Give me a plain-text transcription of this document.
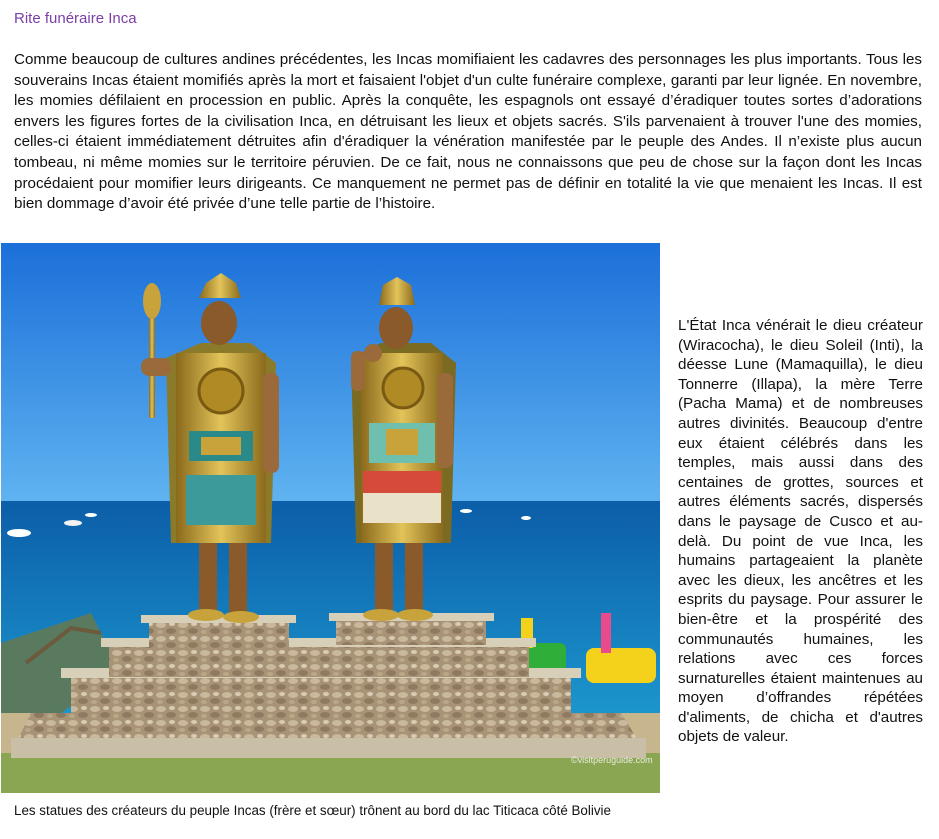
Rite funéraire Inca

Comme beaucoup de cultures andines précédentes, les Incas momifiaient les cadavres des personnages les plus importants. Tous les souverains Incas étaient momifiés après la mort et faisaient l'objet d'un culte funéraire complexe, garanti par leur lignée. En novembre, les momies défilaient en procession en public. Après la conquête, les espagnols ont essayé d’éradiquer toutes sortes d’adorations envers les figures fortes de la civilisation Inca, en détruisant les lieux et objets sacrés. S'ils parvenaient à trouver l'une des momies, celles-ci étaient immédiatement détruites afin d'éradiquer la vénération manifestée par le peuple des Andes. Il n’existe plus aucun tombeau, ni même momies sur le territoire péruvien. De ce fait, nous ne connaissons que peu de chose sur la façon dont les Incas procédaient pour momifier leurs dirigeants. Ce manquement ne permet pas de définir en totalité la vie que menaient les Incas. Il est bien dommage d’avoir été privée d’une telle partie de l’histoire.

©visitperuguide.com

L'État Inca vénérait le dieu créateur (Wiracocha), le dieu Soleil (Inti), la déesse Lune (Mamaquilla), le dieu Tonnerre (Illapa), la mère Terre (Pacha Mama) et de nombreuses autres divinités. Beaucoup d'entre eux étaient célébrés dans les temples, mais aussi dans des centaines de grottes, sources et autres éléments sacrés, dispersés dans le paysage de Cusco et au-delà. Du point de vue Inca, les humains partageaient la planète avec les dieux, les ancêtres et les esprits du paysage. Pour assurer le bien-être et la prospérité des communautés humaines, les relations avec ces forces surnaturelles étaient maintenues au moyen d’offrandes répétées d'aliments, de chicha et d'autres objets de valeur.

Les statues des créateurs du peuple Incas (frère et sœur) trônent au bord du lac Titicaca côté Bolivie
